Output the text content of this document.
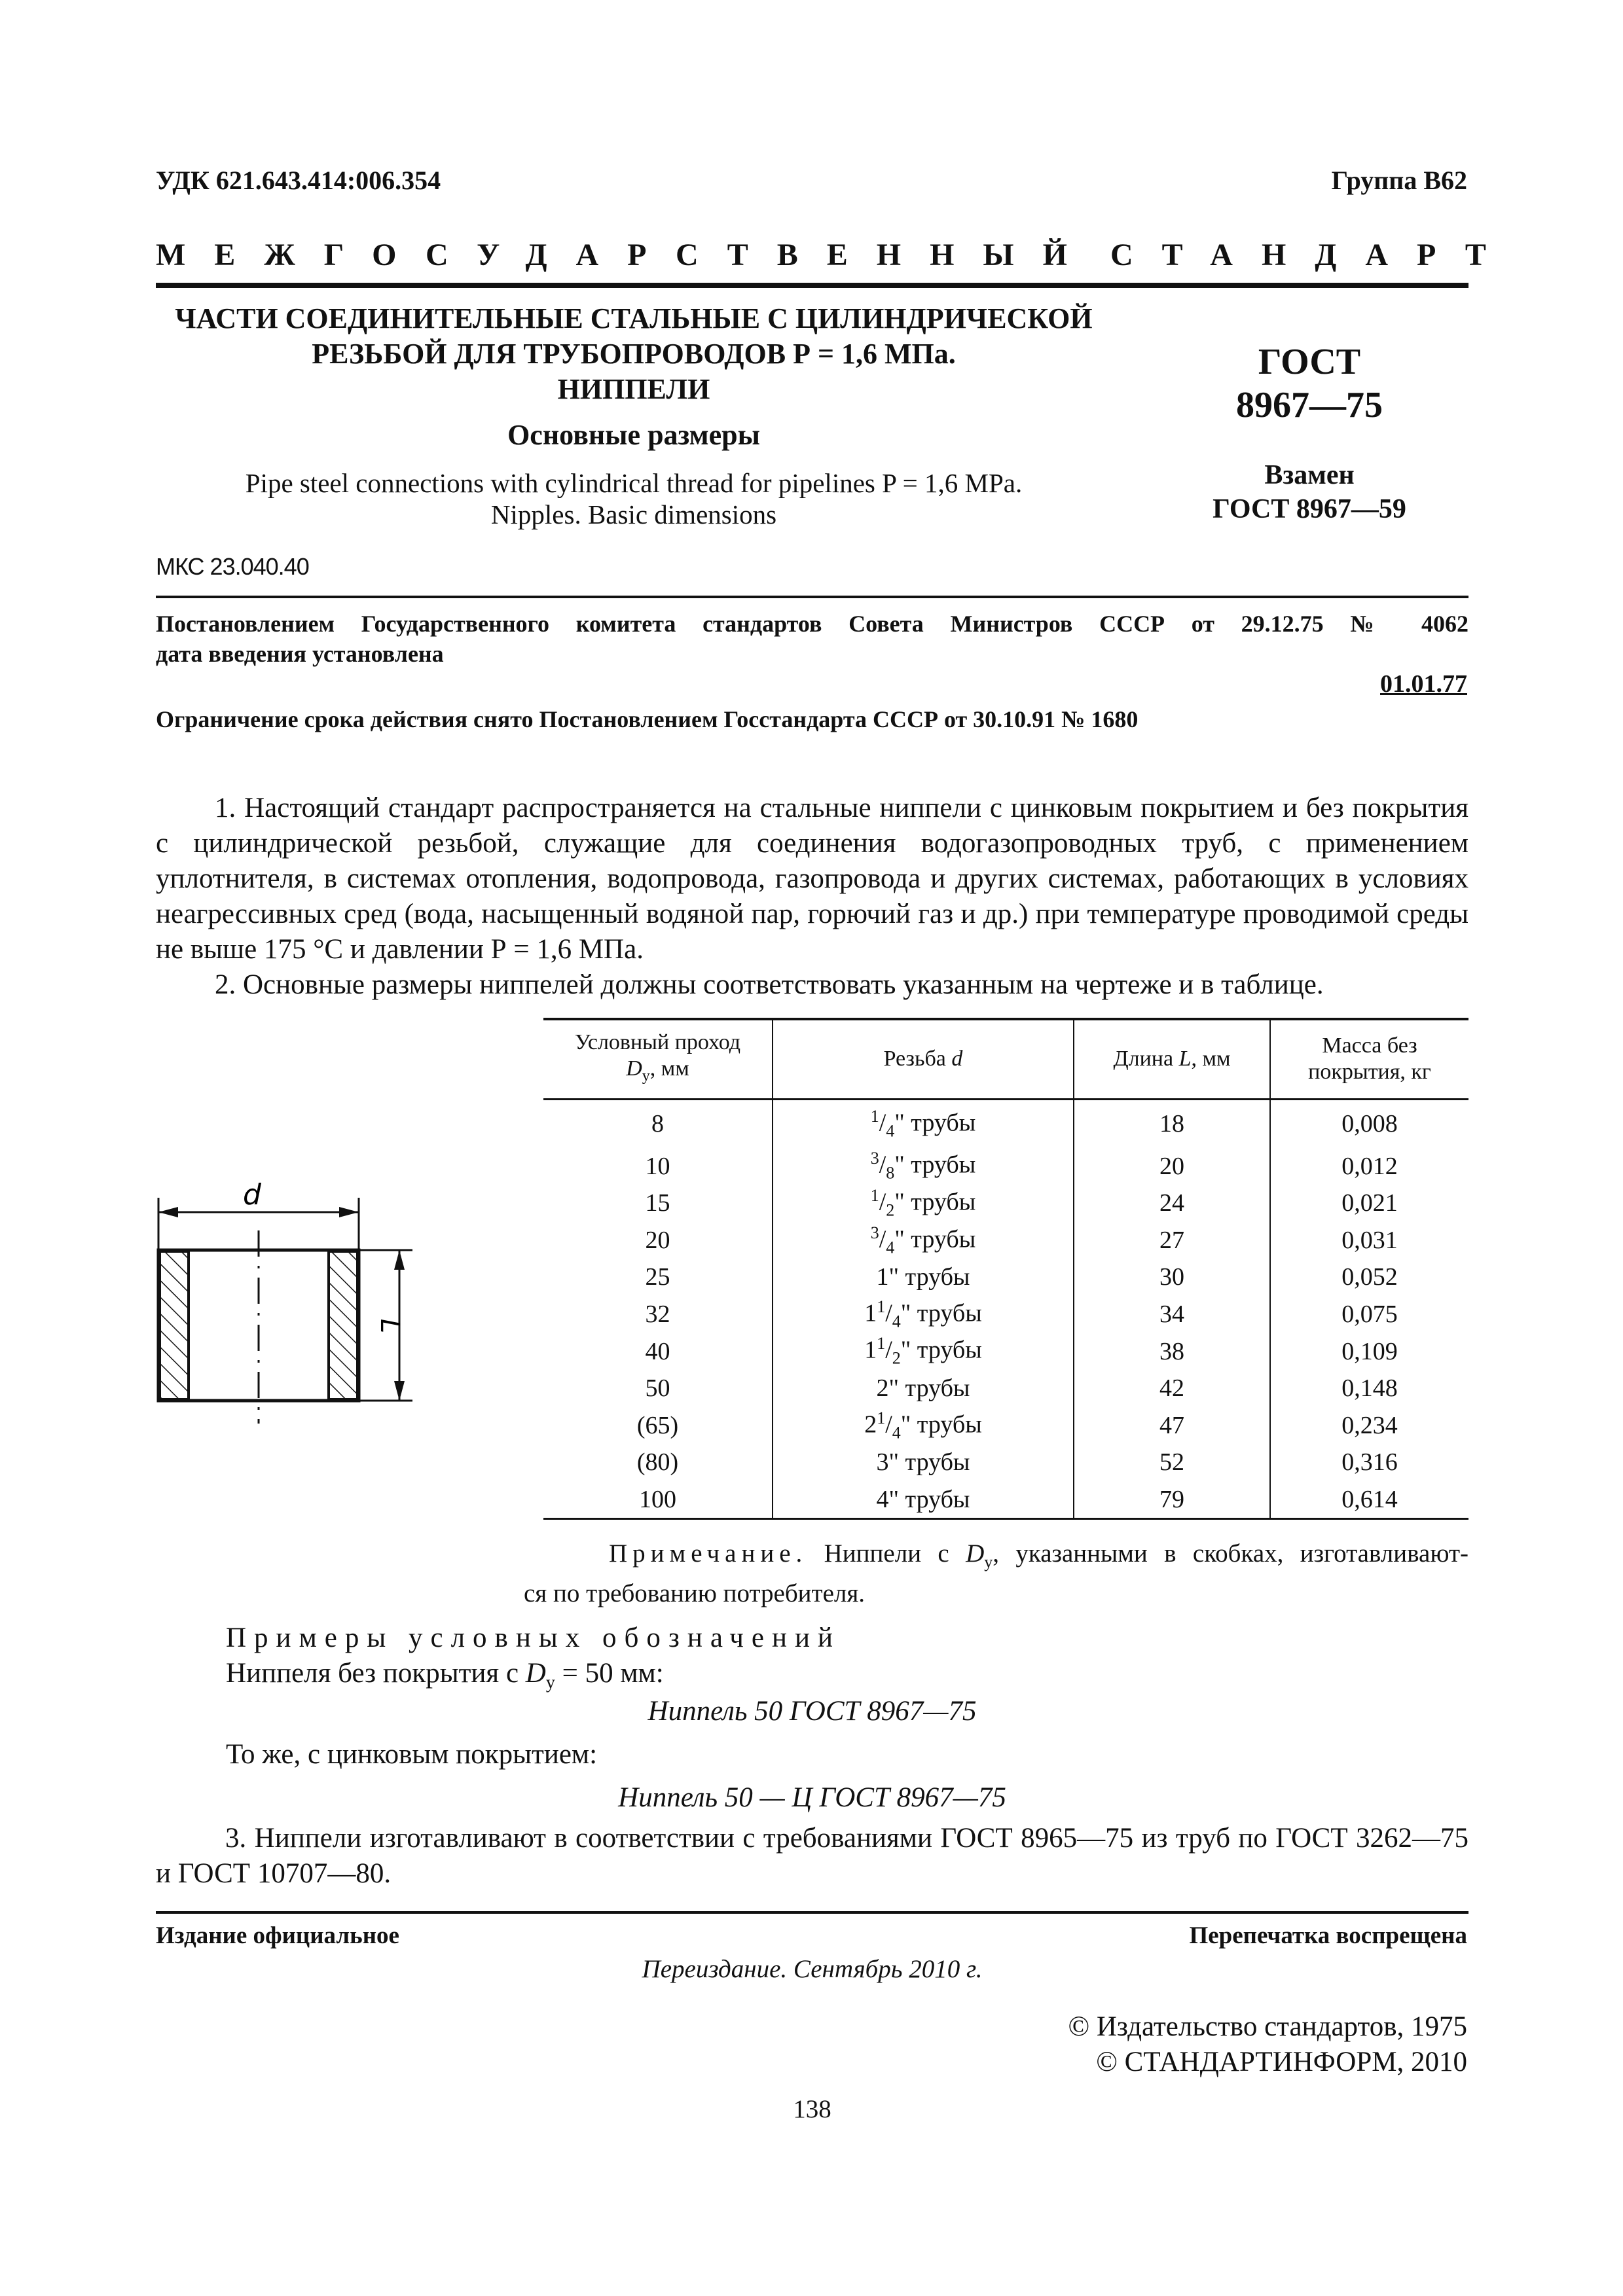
УДК 621.643.414:006.354	Группа В62
МЕЖГОСУДАРСТВЕННЫЙ СТАНДАРТ
ЧАСТИ СОЕДИНИТЕЛЬНЫЕ СТАЛЬНЫЕ С ЦИЛИНДРИЧЕСКОЙ
РЕЗЬБОЙ ДЛЯ ТРУБОПРОВОДОВ Р = 1,6 МПа.
НИППЕЛИ
Основные размеры
Pipe steel connections with cylindrical thread for pipelines P = 1,6 MPa.
Nipples. Basic dimensions
ГОСТ
8967—75
Взамен
ГОСТ 8967—59
МКС 23.040.40
Постановлением Государственного комитета стандартов Совета Министров СССР от 29.12.75 № 4062
дата введения установлена
01.01.77
Ограничение срока действия снято Постановлением Госстандарта СССР от 30.10.91 № 1680
1. Настоящий стандарт распространяется на стальные ниппели с цинковым покрытием и без покрытия с цилиндрической резьбой, служащие для соединения водогазопроводных труб, с применением уплотнителя, в системах отопления, водопровода, газопровода и других системах, работающих в условиях неагрессивных сред (вода, насыщенный водяной пар, горючий газ и др.) при температуре проводимой среды не выше 175 °С и давлении Р = 1,6 МПа.
2. Основные размеры ниппелей должны соответствовать указанным на чертеже и в таблице.
d
L
Условный проход
$D_у$, мм	Резьба d	Длина L, мм	Масса без
покрытия, кг
8	$^1/_4$" трубы	18	0,008
10	$^3/_8$" трубы	20	0,012
15	$^1/_2$" трубы	24	0,021
20	$^3/_4$" трубы	27	0,031
25	1" трубы	30	0,052
32	$1^1/_4$" трубы	34	0,075
40	$1^1/_2$" трубы	38	0,109
50	2" трубы	42	0,148
(65)	$2^1/_4$" трубы	47	0,234
(80)	3" трубы	52	0,316
100	4" трубы	79	0,614
Примечание. Ниппели с $D_у$, указанными в скобках, изготавливают-
ся по требованию потребителя.
Примеры условных обозначений
Ниппеля без покрытия с $D_у = 50$ мм:
Ниппель 50 ГОСТ 8967—75
То же, с цинковым покрытием:
Ниппель 50 — Ц ГОСТ 8967—75
3. Ниппели изготавливают в соответствии с требованиями ГОСТ 8965—75 из труб по ГОСТ 3262—75 и ГОСТ 10707—80.
Издание официальное	Перепечатка воспрещена
Переиздание. Сентябрь 2010 г.
© Издательство стандартов, 1975
© СТАНДАРТИНФОРМ, 2010
138
